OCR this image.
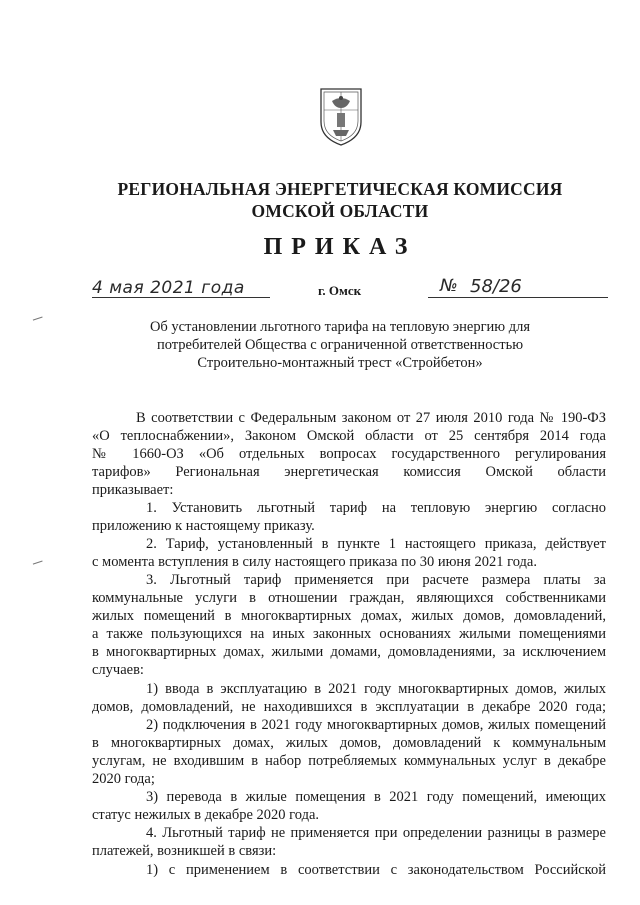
РЕГИОНАЛЬНАЯ ЭНЕРГЕТИЧЕСКАЯ КОМИССИЯ
ОМСКОЙ ОБЛАСТИ
ПРИКАЗ
4 мая 2021 года	г. Омск	№ 58/26
Об установлении льготного тарифа на тепловую энергию для
потребителей Общества с ограниченной ответственностью
Строительно-монтажный трест «Стройбетон»
В соответствии с Федеральным законом от 27 июля 2010 года № 190-ФЗ
«О теплоснабжении», Законом Омской области от 25 сентября 2014 года
№ 1660-ОЗ «Об отдельных вопросах государственного регулирования
тарифов» Региональная энергетическая комиссия Омской области
приказывает:
1. Установить льготный тариф на тепловую энергию согласно
приложению к настоящему приказу.
2. Тариф, установленный в пункте 1 настоящего приказа, действует
с момента вступления в силу настоящего приказа по 30 июня 2021 года.
3. Льготный тариф применяется при расчете размера платы за
коммунальные услуги в отношении граждан, являющихся собственниками
жилых помещений в многоквартирных домах, жилых домов, домовладений,
а также пользующихся на иных законных основаниях жилыми помещениями
в многоквартирных домах, жилыми домами, домовладениями, за исключением
случаев:
1) ввода в эксплуатацию в 2021 году многоквартирных домов, жилых
домов, домовладений, не находившихся в эксплуатации в декабре 2020 года;
2) подключения в 2021 году многоквартирных домов, жилых помещений
в многоквартирных домах, жилых домов, домовладений к коммунальным
услугам, не входившим в набор потребляемых коммунальных услуг в декабре
2020 года;
3) перевода в жилые помещения в 2021 году помещений, имеющих
статус нежилых в декабре 2020 года.
4. Льготный тариф не применяется при определении разницы в размере
платежей, возникшей в связи:
1) с применением в соответствии с законодательством Российской
